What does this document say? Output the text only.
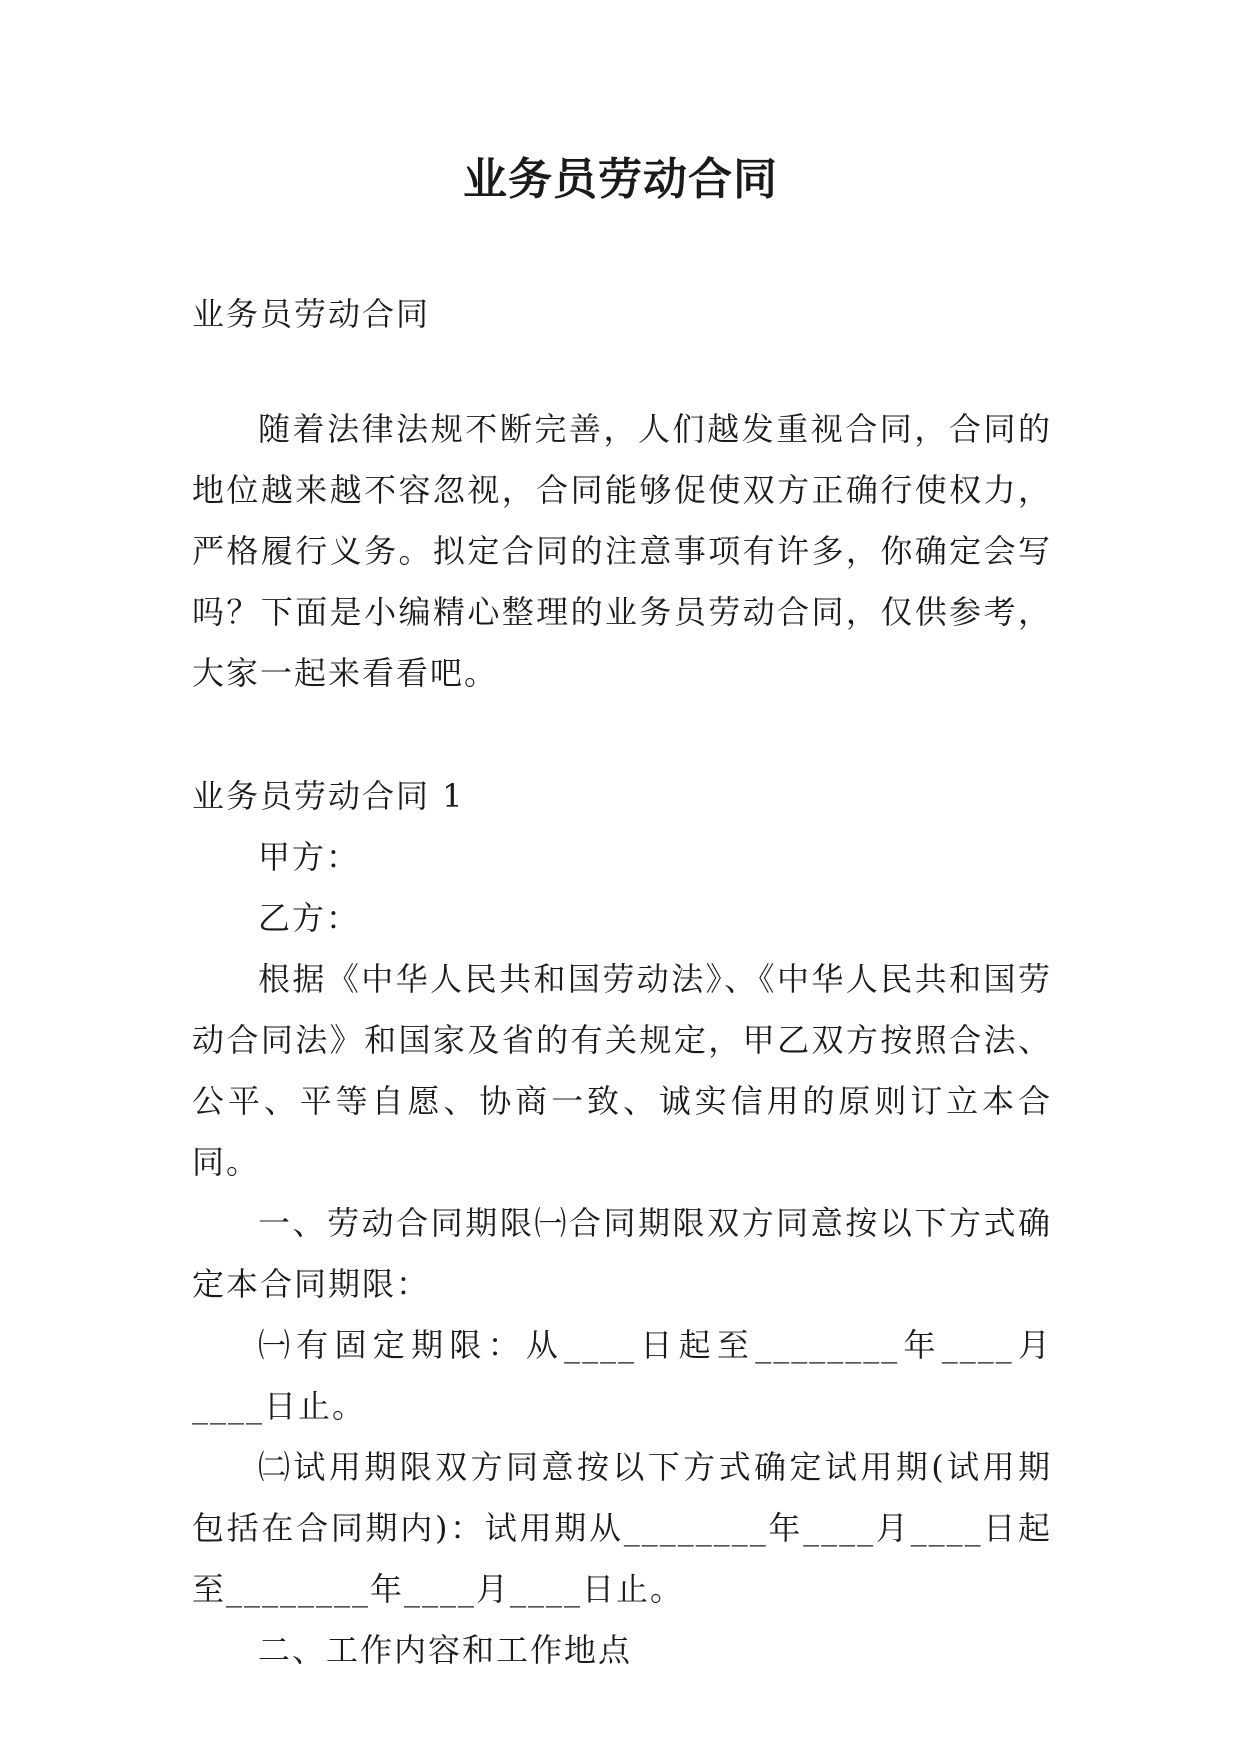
业务员劳动合同

业务员劳动合同

随着法律法规不断完善，人们越发重视合同，合同的地位越来越不容忽视，合同能够促使双方正确行使权力，严格履行义务。拟定合同的注意事项有许多，你确定会写吗？下面是小编精心整理的业务员劳动合同，仅供参考，大家一起来看看吧。

业务员劳动合同 1

甲方：

乙方：

根据《中华人民共和国劳动法》、《中华人民共和国劳动合同法》和国家及省的有关规定，甲乙双方按照合法、公平、平等自愿、协商一致、诚实信用的原则订立本合同。

一、劳动合同期限㈠合同期限双方同意按以下方式确定本合同期限：

㈠有固定期限：从____日起至________年____月____日止。

㈡试用期限双方同意按以下方式确定试用期(试用期包括在合同期内)：试用期从________年____月____日起至________年____月____日止。

二、工作内容和工作地点
